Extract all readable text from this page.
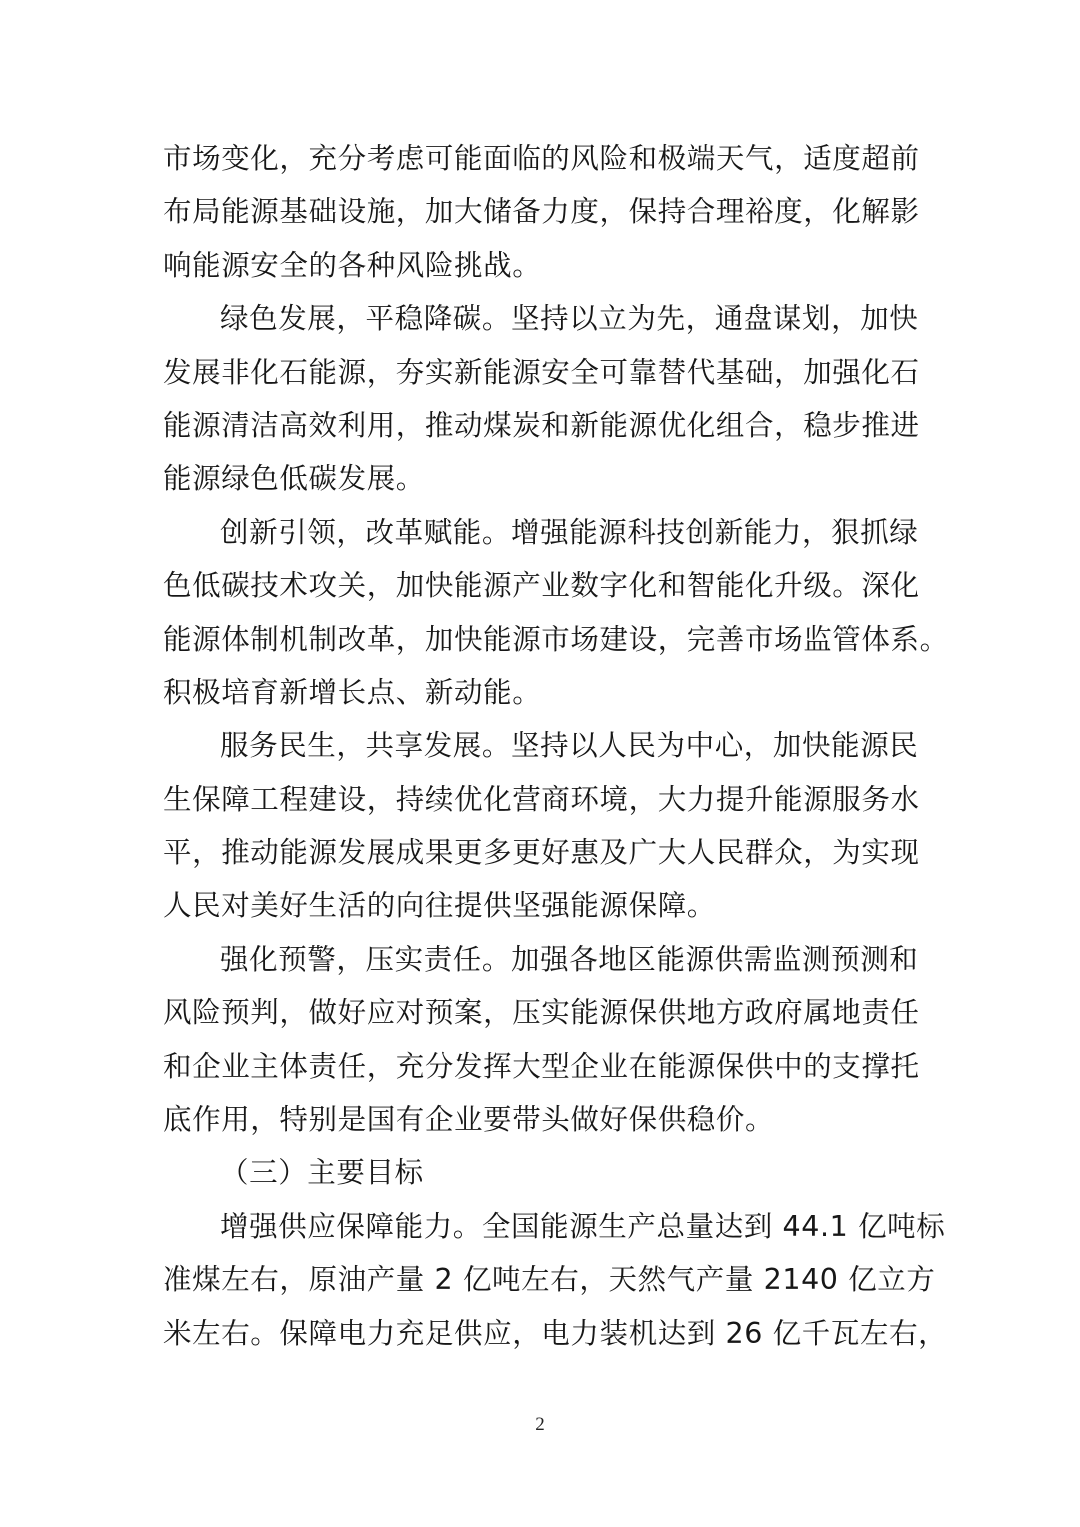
市场变化，充分考虑可能面临的风险和极端天气，适度超前
布局能源基础设施，加大储备力度，保持合理裕度，化解影
响能源安全的各种风险挑战。
绿色发展，平稳降碳。坚持以立为先，通盘谋划，加快
发展非化石能源，夯实新能源安全可靠替代基础，加强化石
能源清洁高效利用，推动煤炭和新能源优化组合，稳步推进
能源绿色低碳发展。
创新引领，改革赋能。增强能源科技创新能力，狠抓绿
色低碳技术攻关，加快能源产业数字化和智能化升级。深化
能源体制机制改革，加快能源市场建设，完善市场监管体系。
积极培育新增长点、新动能。
服务民生，共享发展。坚持以人民为中心，加快能源民
生保障工程建设，持续优化营商环境，大力提升能源服务水
平，推动能源发展成果更多更好惠及广大人民群众，为实现
人民对美好生活的向往提供坚强能源保障。
强化预警，压实责任。加强各地区能源供需监测预测和
风险预判，做好应对预案，压实能源保供地方政府属地责任
和企业主体责任，充分发挥大型企业在能源保供中的支撑托
底作用，特别是国有企业要带头做好保供稳价。
（三）主要目标
增强供应保障能力。全国能源生产总量达到 44.1 亿吨标
准煤左右，原油产量 2 亿吨左右，天然气产量 2140 亿立方
米左右。保障电力充足供应，电力装机达到 26 亿千瓦左右，
2
